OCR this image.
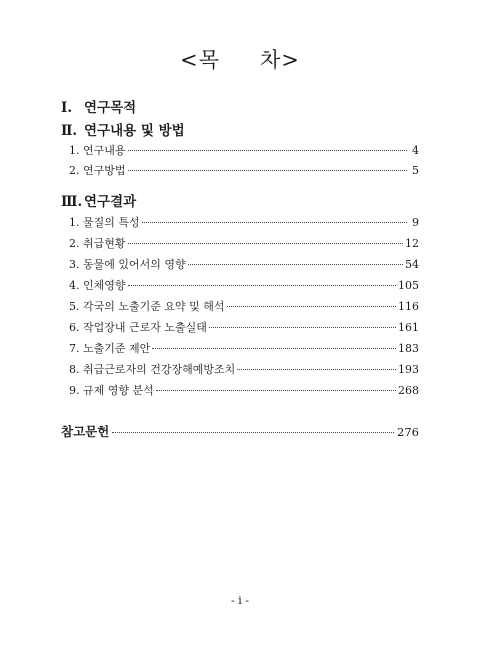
<목 차>
Ⅰ. 연구목적
Ⅱ. 연구내용 및 방법
1. 연구내용	4
2. 연구방법	5
Ⅲ. 연구결과
1. 물질의 특성	9
2. 취급현황	12
3. 동물에 있어서의 영향	54
4. 인체영향	105
5. 각국의 노출기준 요약 및 해석	116
6. 작업장내 근로자 노출실태	161
7. 노출기준 제안	183
8. 취급근로자의 건강장해예방조치	193
9. 규제 영향 분석	268
참고문헌	276
- i -
